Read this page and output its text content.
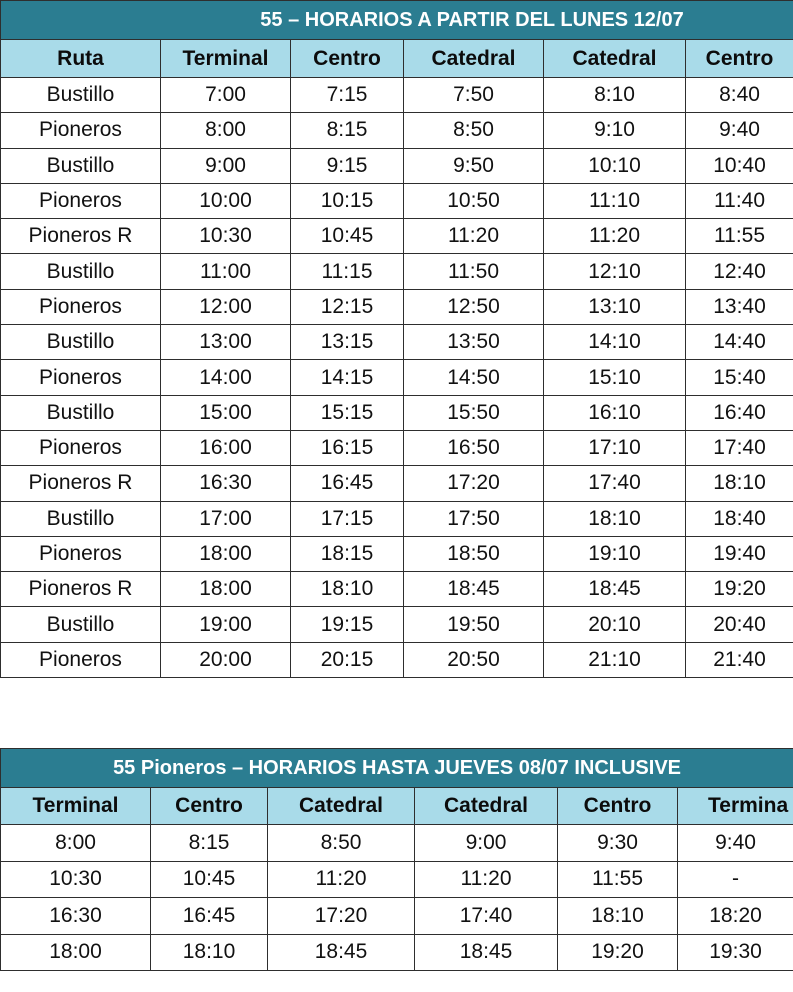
55 – HORARIOS A PARTIR DEL LUNES 12/07					
Ruta	Terminal	Centro	Catedral	Catedral	Centro
Bustillo	7:00	7:15	7:50	8:10	8:40
Pioneros	8:00	8:15	8:50	9:10	9:40
Bustillo	9:00	9:15	9:50	10:10	10:40
Pioneros	10:00	10:15	10:50	11:10	11:40
Pioneros R	10:30	10:45	11:20	11:20	11:55
Bustillo	11:00	11:15	11:50	12:10	12:40
Pioneros	12:00	12:15	12:50	13:10	13:40
Bustillo	13:00	13:15	13:50	14:10	14:40
Pioneros	14:00	14:15	14:50	15:10	15:40
Bustillo	15:00	15:15	15:50	16:10	16:40
Pioneros	16:00	16:15	16:50	17:10	17:40
Pioneros R	16:30	16:45	17:20	17:40	18:10
Bustillo	17:00	17:15	17:50	18:10	18:40
Pioneros	18:00	18:15	18:50	19:10	19:40
Pioneros R	18:00	18:10	18:45	18:45	19:20
Bustillo	19:00	19:15	19:50	20:10	20:40
Pioneros	20:00	20:15	20:50	21:10	21:40
55 Pioneros – HORARIOS HASTA JUEVES 08/07 INCLUSIVE					
Terminal	Centro	Catedral	Catedral	Centro	Termina
8:00	8:15	8:50	9:00	9:30	9:40
10:30	10:45	11:20	11:20	11:55	-
16:30	16:45	17:20	17:40	18:10	18:20
18:00	18:10	18:45	18:45	19:20	19:30
